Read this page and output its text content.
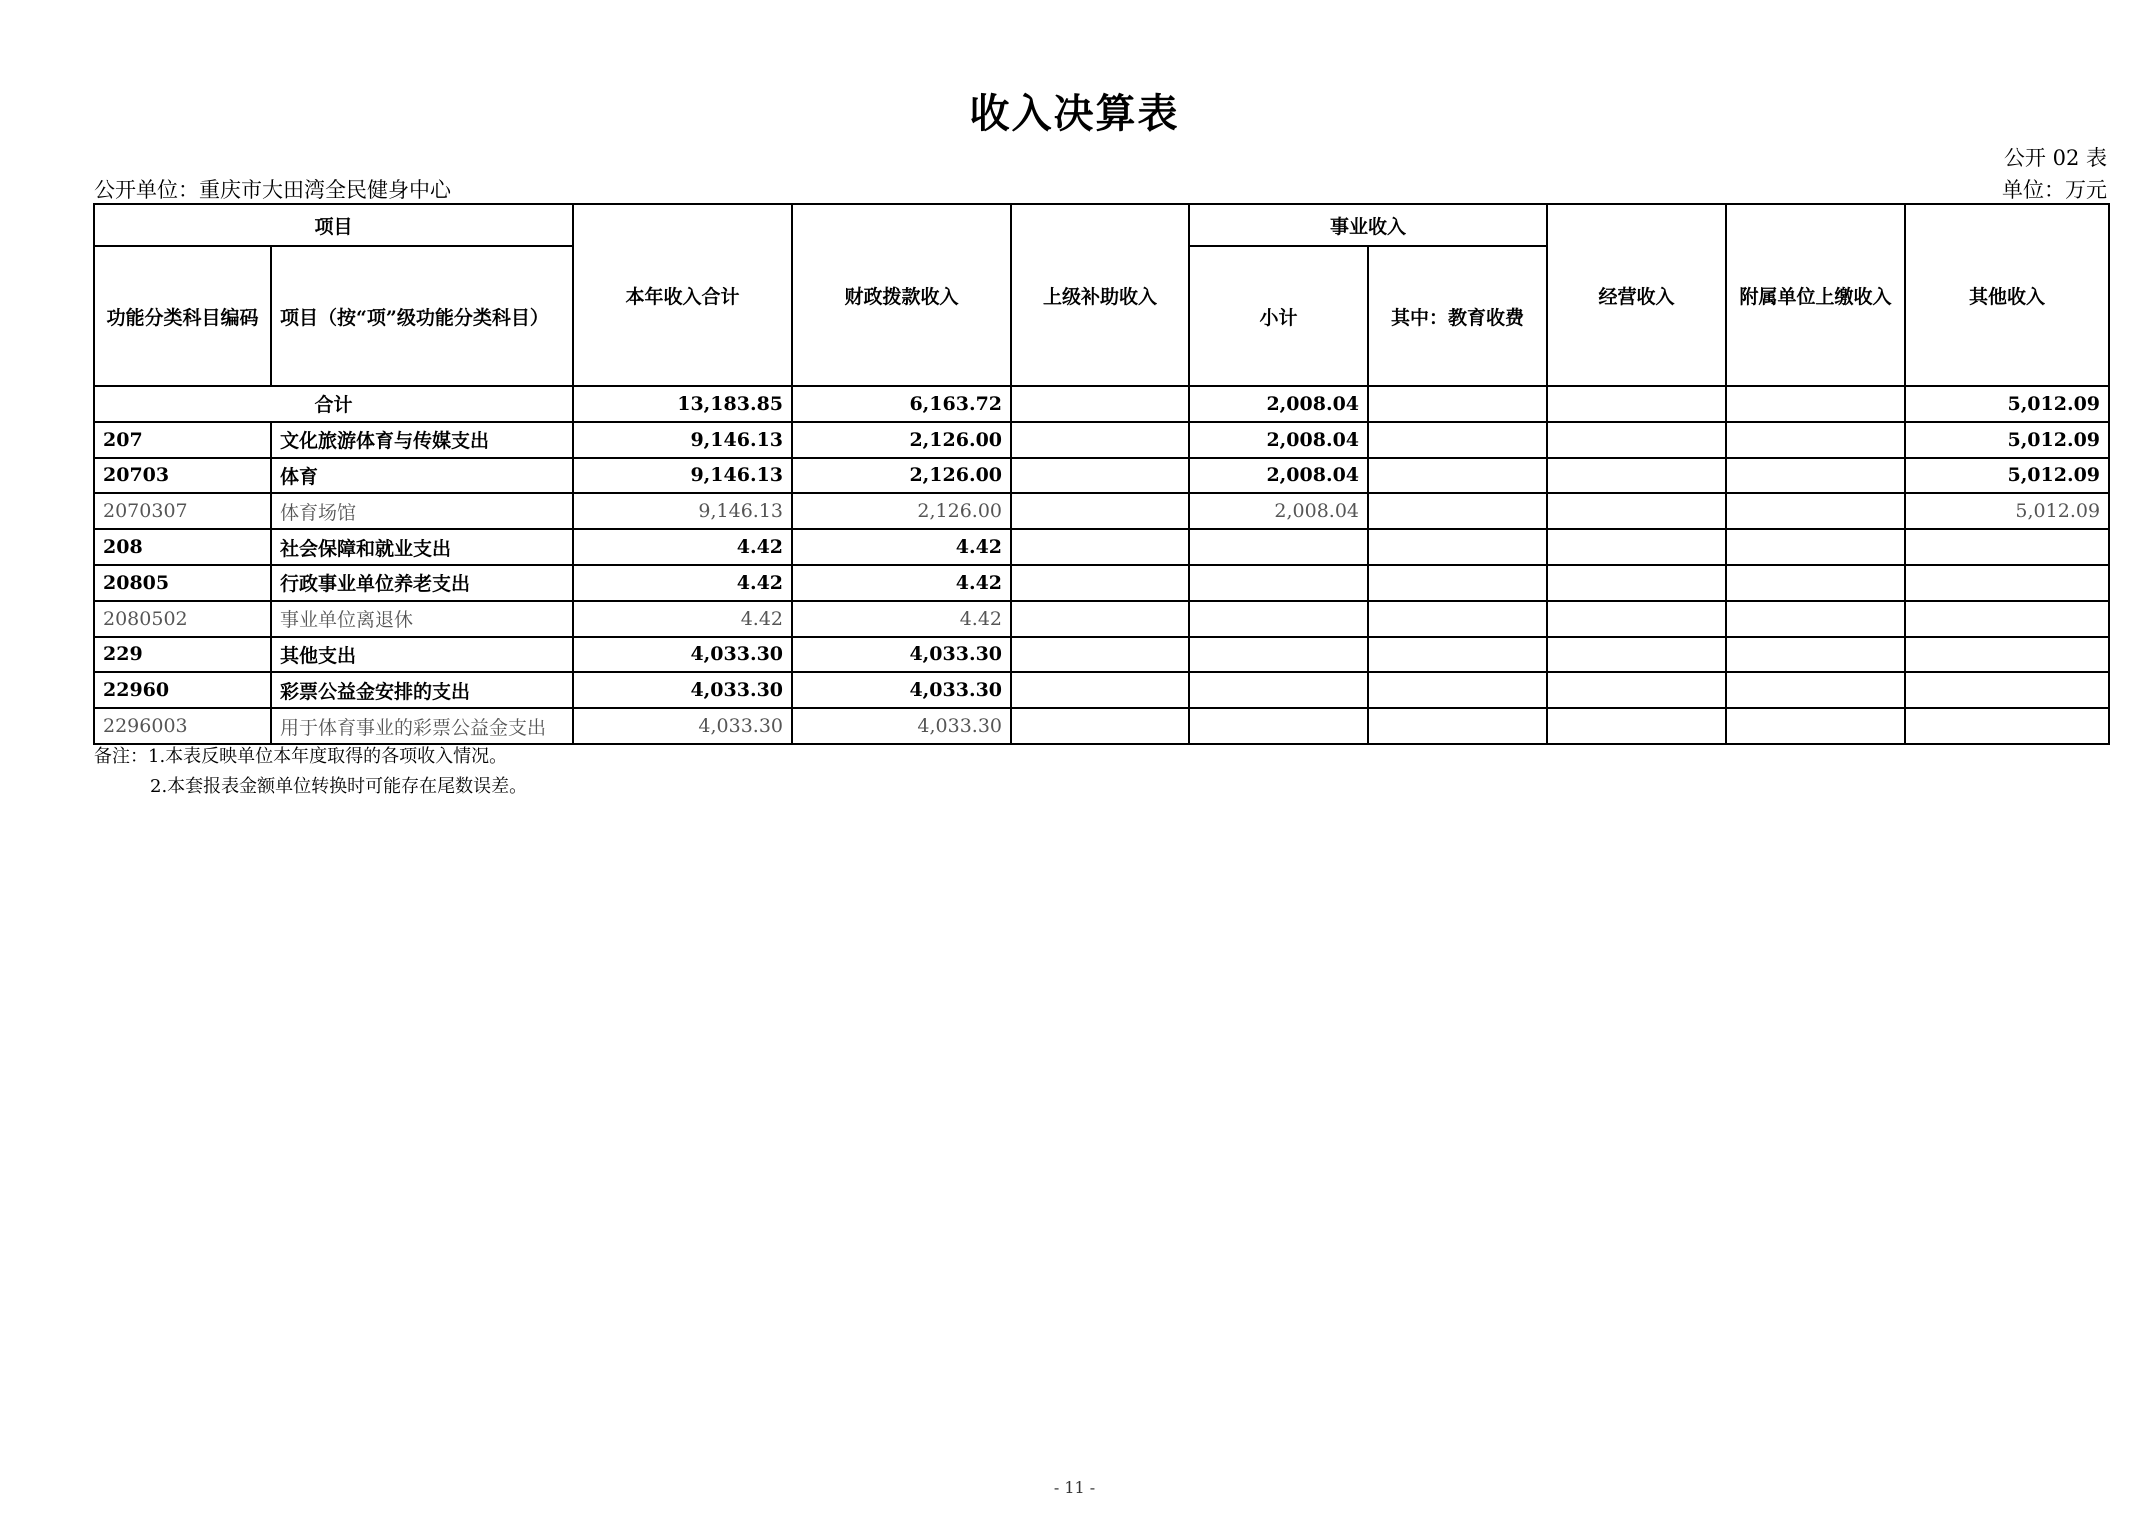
收入决算表
公开 02 表
公开单位：重庆市大田湾全民健身中心	单位：万元
项目		本年收入合计	财政拨款收入	上级补助收入	事业收入		经营收入	附属单位上缴收入	其他收入
功能分类科目编码	项目（按“项”级功能分类科目）				小计	其中：教育收费			
合计		13,183.85	6,163.72		2,008.04				5,012.09
207	文化旅游体育与传媒支出	9,146.13	2,126.00		2,008.04				5,012.09
20703	体育	9,146.13	2,126.00		2,008.04				5,012.09
2070307	体育场馆	9,146.13	2,126.00		2,008.04				5,012.09
208	社会保障和就业支出	4.42	4.42						
20805	行政事业单位养老支出	4.42	4.42						
2080502	事业单位离退休	4.42	4.42						
229	其他支出	4,033.30	4,033.30						
22960	彩票公益金安排的支出	4,033.30	4,033.30						
2296003	用于体育事业的彩票公益金支出	4,033.30	4,033.30						
备注：1.本表反映单位本年度取得的各项收入情况。
2.本套报表金额单位转换时可能存在尾数误差。
- 11 -
